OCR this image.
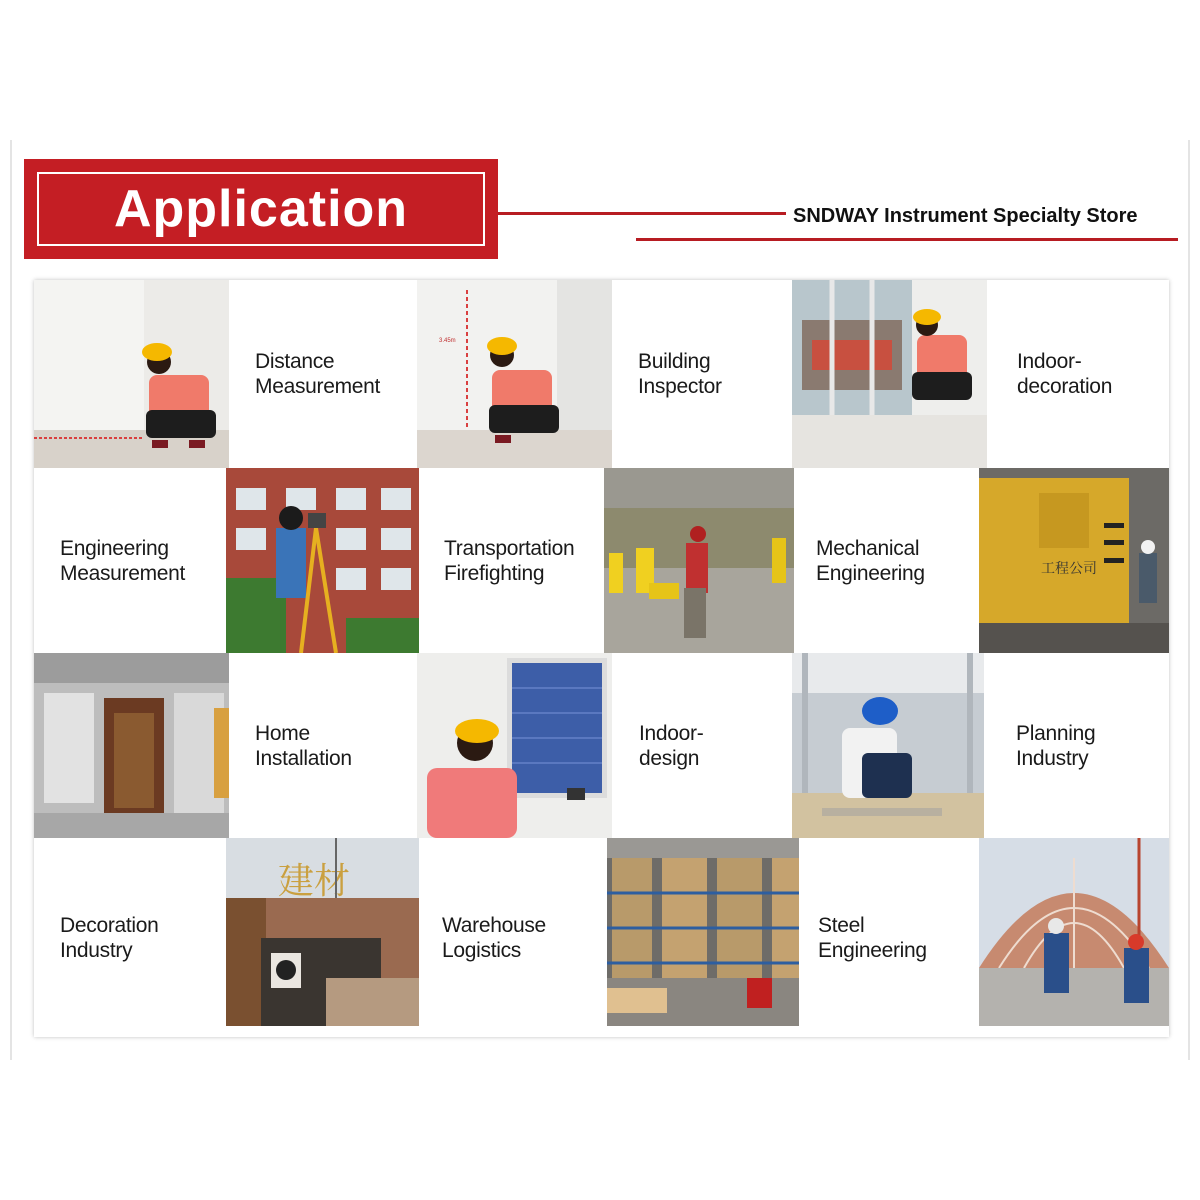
Application	SNDWAY Instrument Specialty Store
Distance
Measurement
3.45m
Building
Inspector
Indoor-
decoration
Engineering
Measurement
Transportation
Firefighting
Mechanical
Engineering	工程公司
Home
Installation
Indoor-
design
Planning
Industry
Decoration
Industry
建材
Warehouse
Logistics
Steel
Engineering
